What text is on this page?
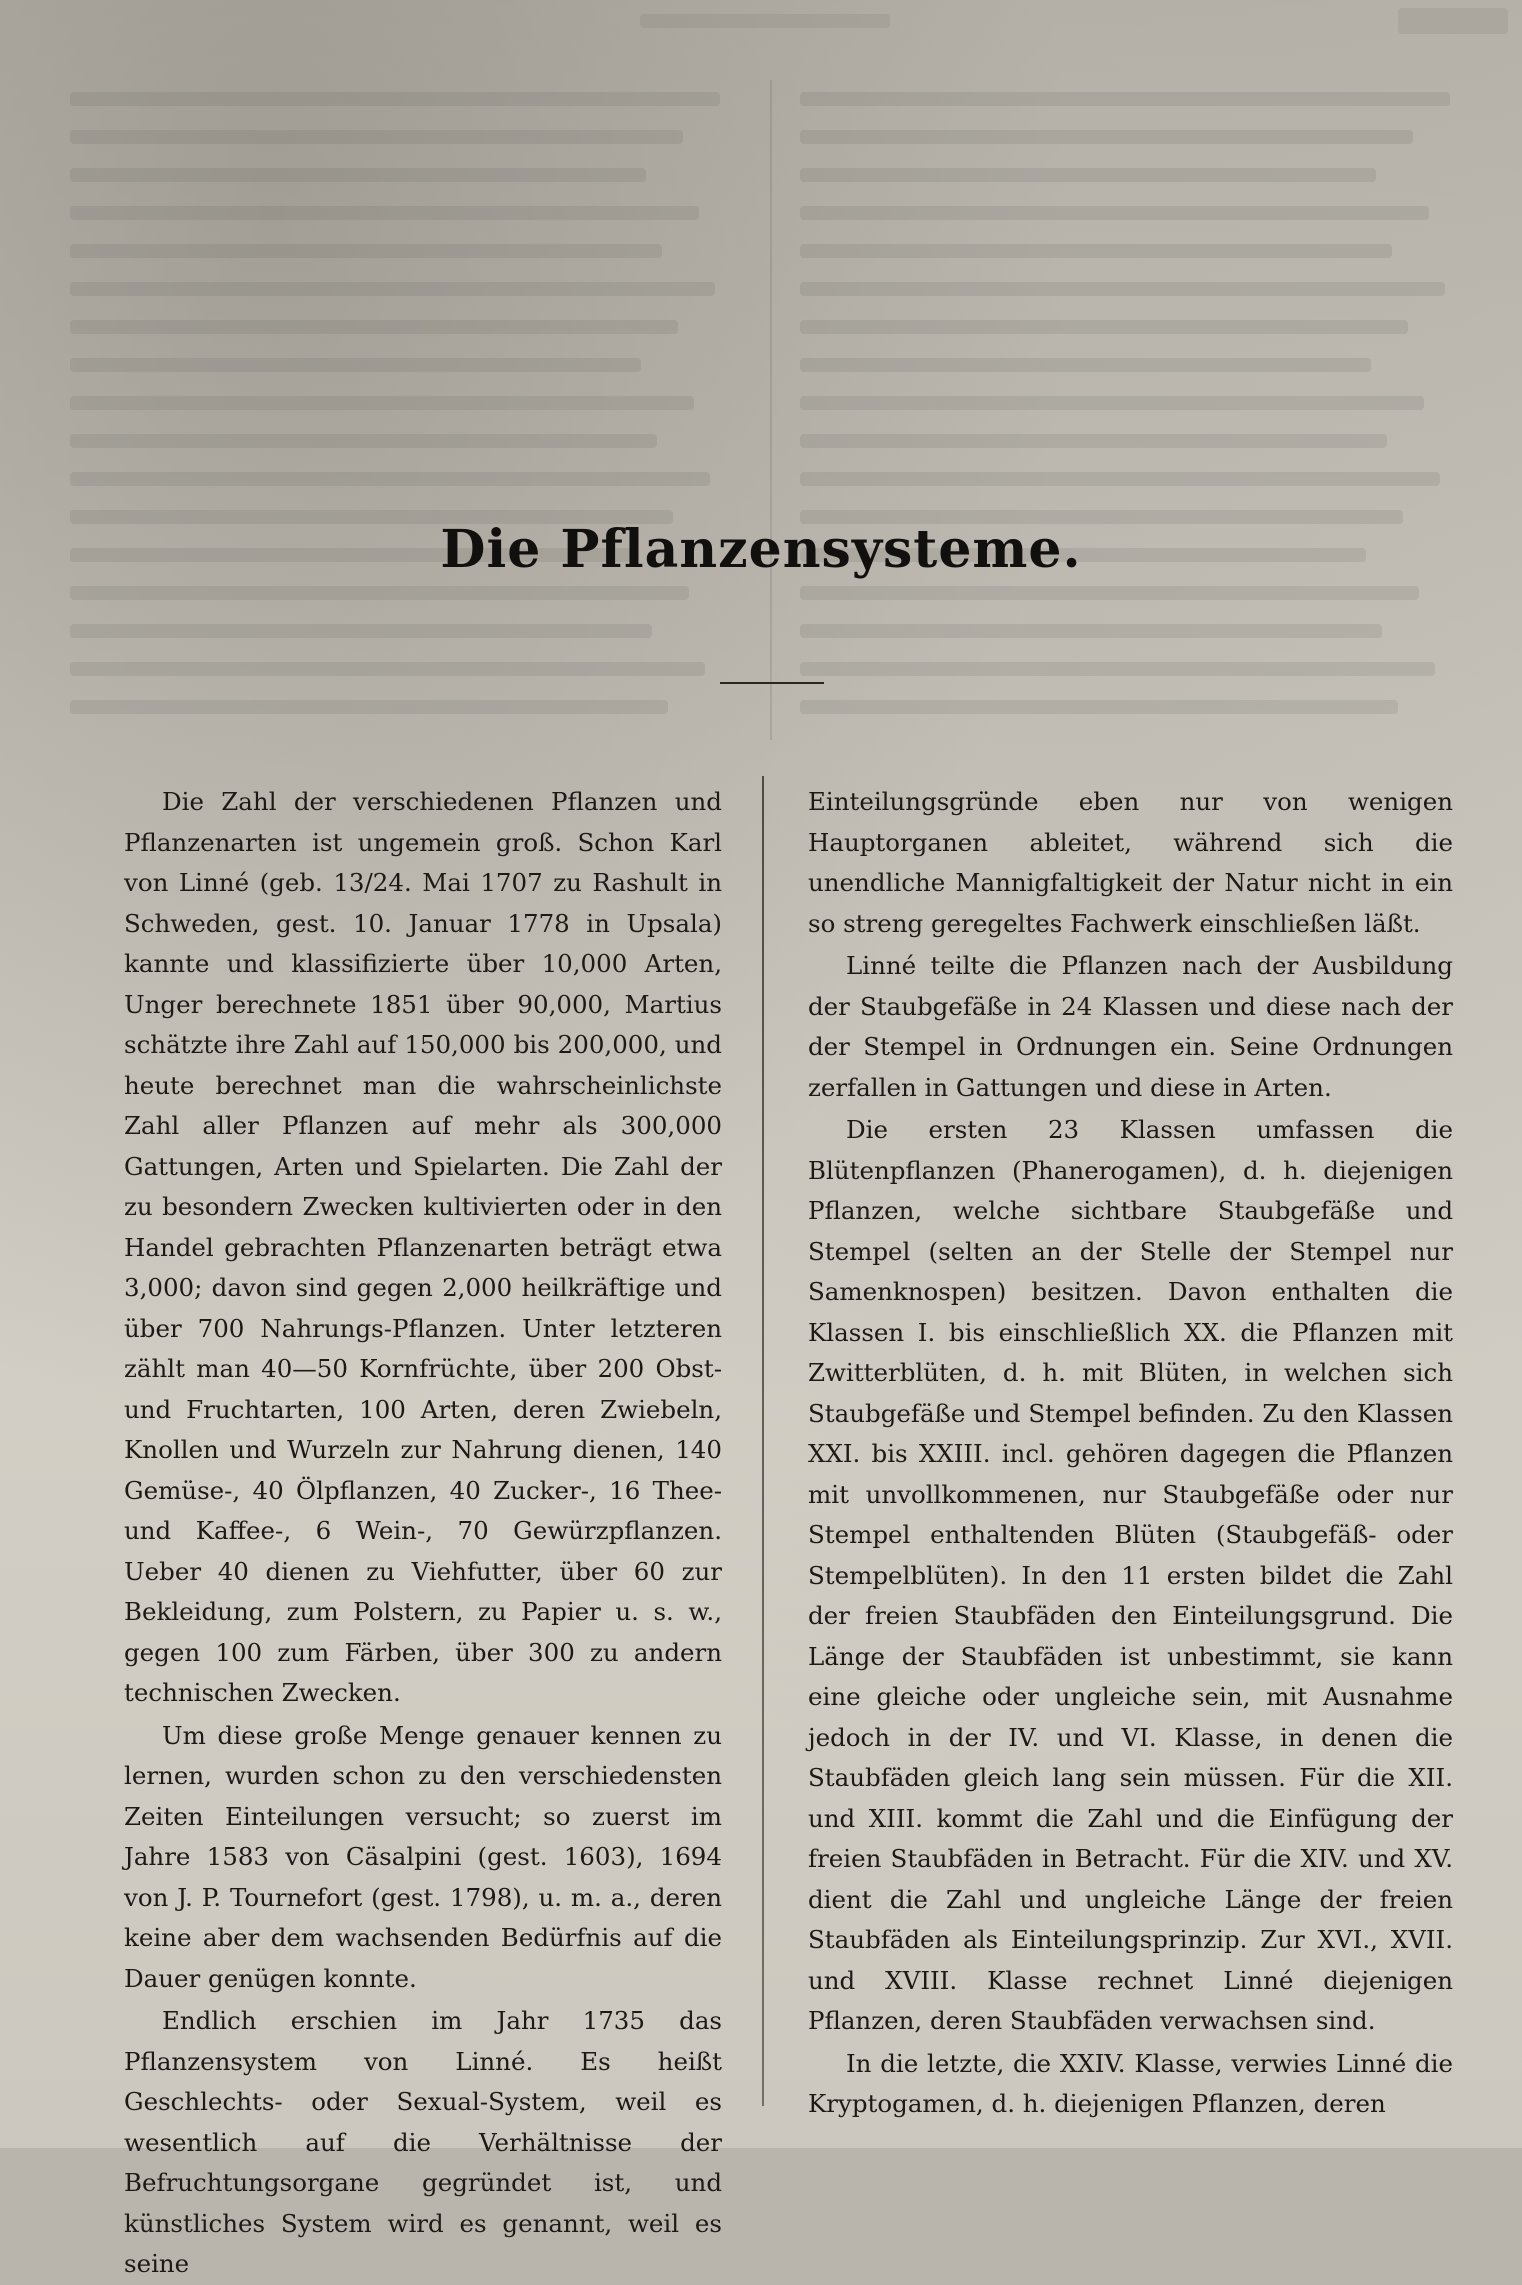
Die Pflanzensysteme.

Die Zahl der verschiedenen Pflanzen und Pflanzenarten ist ungemein groß. Schon Karl von Linné (geb. 13/24. Mai 1707 zu Rashult in Schweden, gest. 10. Januar 1778 in Upsala) kannte und klassifizierte über 10,000 Arten, Unger berechnete 1851 über 90,000, Martius schätzte ihre Zahl auf 150,000 bis 200,000, und heute berechnet man die wahrscheinlichste Zahl aller Pflanzen auf mehr als 300,000 Gattungen, Arten und Spielarten. Die Zahl der zu besondern Zwecken kultivierten oder in den Handel gebrachten Pflanzenarten beträgt etwa 3,000; davon sind gegen 2,000 heilkräftige und über 700 Nahrungs-Pflanzen. Unter letzteren zählt man 40—50 Kornfrüchte, über 200 Obst- und Fruchtarten, 100 Arten, deren Zwiebeln, Knollen und Wurzeln zur Nahrung dienen, 140 Gemüse-, 40 Ölpflanzen, 40 Zucker-, 16 Thee- und Kaffee-, 6 Wein-, 70 Gewürzpflanzen. Ueber 40 dienen zu Viehfutter, über 60 zur Bekleidung, zum Polstern, zu Papier u. s. w., gegen 100 zum Färben, über 300 zu andern technischen Zwecken.

Um diese große Menge genauer kennen zu lernen, wurden schon zu den verschiedensten Zeiten Einteilungen versucht; so zuerst im Jahre 1583 von Cäsalpini (gest. 1603), 1694 von J. P. Tournefort (gest. 1798), u. m. a., deren keine aber dem wachsenden Bedürfnis auf die Dauer genügen konnte.

Endlich erschien im Jahr 1735 das Pflanzensystem von Linné. Es heißt Geschlechts- oder Sexual-System, weil es wesentlich auf die Verhältnisse der Befruchtungsorgane gegründet ist, und künstliches System wird es genannt, weil es seine

Einteilungsgründe eben nur von wenigen Hauptorganen ableitet, während sich die unendliche Mannigfaltigkeit der Natur nicht in ein so streng geregeltes Fachwerk einschließen läßt.

Linné teilte die Pflanzen nach der Ausbildung der Staubgefäße in 24 Klassen und diese nach der der Stempel in Ordnungen ein. Seine Ordnungen zerfallen in Gattungen und diese in Arten.

Die ersten 23 Klassen umfassen die Blütenpflanzen (Phanerogamen), d. h. diejenigen Pflanzen, welche sichtbare Staubgefäße und Stempel (selten an der Stelle der Stempel nur Samenknospen) besitzen. Davon enthalten die Klassen I. bis einschließlich XX. die Pflanzen mit Zwitterblüten, d. h. mit Blüten, in welchen sich Staubgefäße und Stempel befinden. Zu den Klassen XXI. bis XXIII. incl. gehören dagegen die Pflanzen mit unvollkommenen, nur Staubgefäße oder nur Stempel enthaltenden Blüten (Staubgefäß- oder Stempelblüten). In den 11 ersten bildet die Zahl der freien Staubfäden den Einteilungsgrund. Die Länge der Staubfäden ist unbestimmt, sie kann eine gleiche oder ungleiche sein, mit Ausnahme jedoch in der IV. und VI. Klasse, in denen die Staubfäden gleich lang sein müssen. Für die XII. und XIII. kommt die Zahl und die Einfügung der freien Staubfäden in Betracht. Für die XIV. und XV. dient die Zahl und ungleiche Länge der freien Staubfäden als Einteilungsprinzip. Zur XVI., XVII. und XVIII. Klasse rechnet Linné diejenigen Pflanzen, deren Staubfäden verwachsen sind.

In die letzte, die XXIV. Klasse, verwies Linné die Kryptogamen, d. h. diejenigen Pflanzen, deren
